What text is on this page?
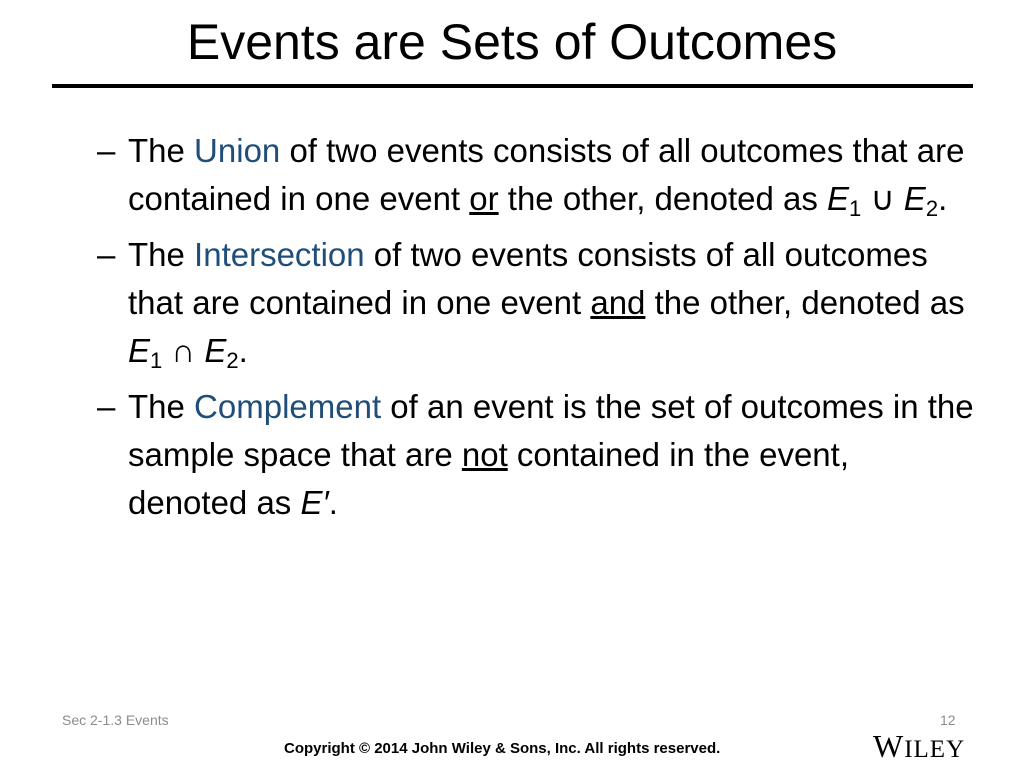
Events are Sets of Outcomes
– The Union of two events consists of all outcomes that are contained in one event or the other, denoted as $E_1$ ∪ $E_2$.
– The Intersection of two events consists of all outcomes that are contained in one event and the other, denoted as $E_1$ ∩ $E_2$.
– The Complement of an event is the set of outcomes in the sample space that are not contained in the event, denoted as E′.
Sec 2-1.3 Events	12
Copyright © 2014 John Wiley & Sons, Inc. All rights reserved.	WILEY
